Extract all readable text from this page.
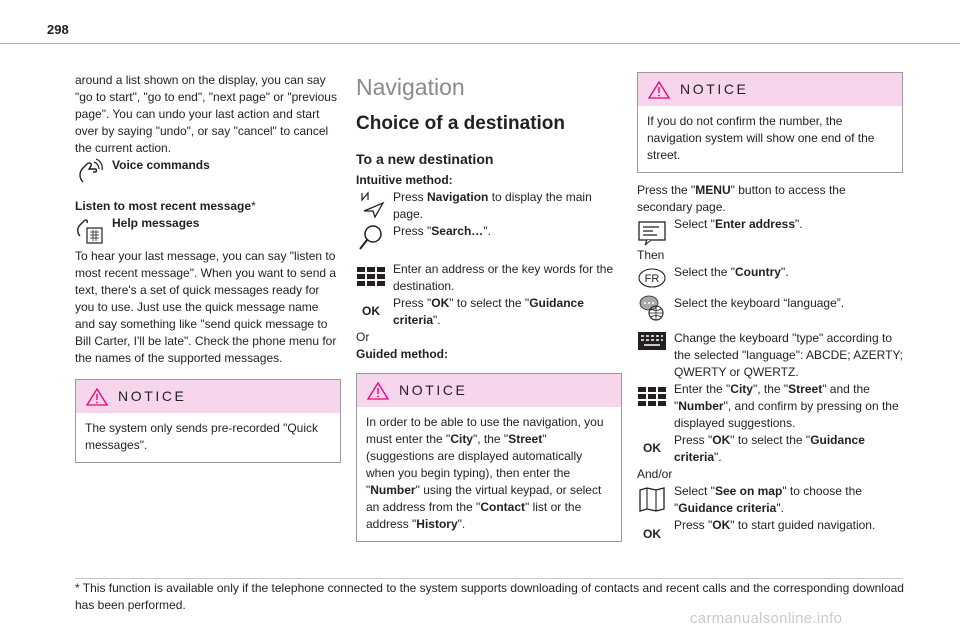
298

around a list shown on the display, you can say "go to start", "go to end", "next page" or "previous page". You can undo your last action and start over by saying "undo", or say "cancel" to cancel the current action.

Voice commands

Listen to most recent message*

Help messages

To hear your last message, you can say "listen to most recent message". When you want to send a text, there's a set of quick messages ready for you to use. Just use the quick message name and say something like "send quick message to Bill Carter, I'll be late". Check the phone menu for the names of the supported messages.

NOTICE
The system only sends pre-recorded "Quick messages".
Navigation
Choice of a destination
To a new destination

Intuitive method:

Press Navigation to display the main page.

Press "Search…".

Enter an address or the key words for the destination.

OK

Press "OK" to select the "Guidance criteria".

Or

Guided method:

NOTICE
In order to be able to use the navigation, you must enter the "City", the "Street" (suggestions are displayed automatically when you begin typing), then enter the "Number" using the virtual keypad, or select an address from the "Contact" list or the address "History".
NOTICE
If you do not confirm the number, the navigation system will show one end of the street.

Press the "MENU" button to access the secondary page.

Select "Enter address".

Then

FR Select the "Country".

Select the keyboard “language”.

Change the keyboard "type" according to the selected "language": ABCDE; AZERTY; QWERTY or QWERTZ.

Enter the "City", the "Street" and the "Number", and confirm by pressing on the displayed suggestions.

OK

Press "OK" to select the "Guidance criteria".

And/or

Select "See on map" to choose the "Guidance criteria".

OK

Press "OK" to start guided navigation.

* This function is available only if the telephone connected to the system supports downloading of contacts and recent calls and the corresponding download has been performed.
carmanualsonline.info
